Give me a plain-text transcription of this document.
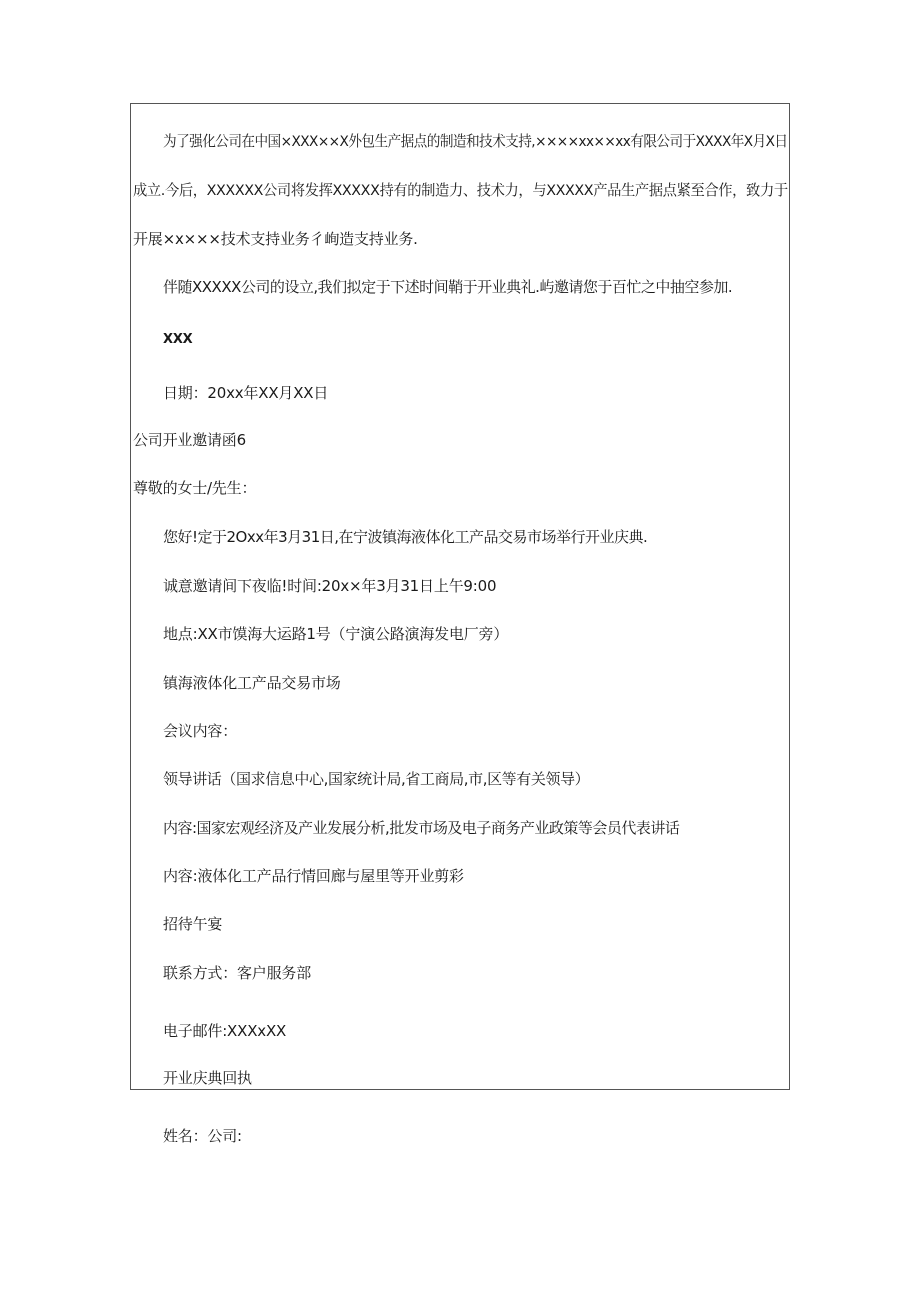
为了强化公司在中国×XXX××X外包生产据点的制造和技术支持,××××xx××xx有限公司于XXXX年X月X日
成立.今后，XXXXXX公司将发挥XXXXX持有的制造力、技术力，与XXXXX产品生产据点紧至合作，致力于
开展×x×××技术支持业务彳峋造支持业务.
伴随XXXXX公司的设立,我们拟定于下述时间鞘于开业典礼.屿邀请您于百忙之中抽空参加.
XXX
日期：20xx年XX月XX日
公司开业邀请函6
尊敬的女士/先生：
您好!定于2Oxx年3月31日,在宁波镇海液体化工产品交易市场举行开业庆典.
诚意邀请间下夜临!时间:20x×年3月31日上午9:00
地点:XX市馍海大运路1号（宁演公路演海发电厂旁）
镇海液体化工产品交易市场
会议内容：
领导讲话（国求信息中心,国家统计局,省工商局,市,区等有关领导）
内容:国家宏观经济及产业发展分析,批发市场及电子商务产业政策等会员代表讲话
内容:液体化工产品行情回廊与屋里等开业剪彩
招待午宴
联系方式：客户服务部
电子邮件:XXXxXX
开业庆典回执
姓名：公司:
